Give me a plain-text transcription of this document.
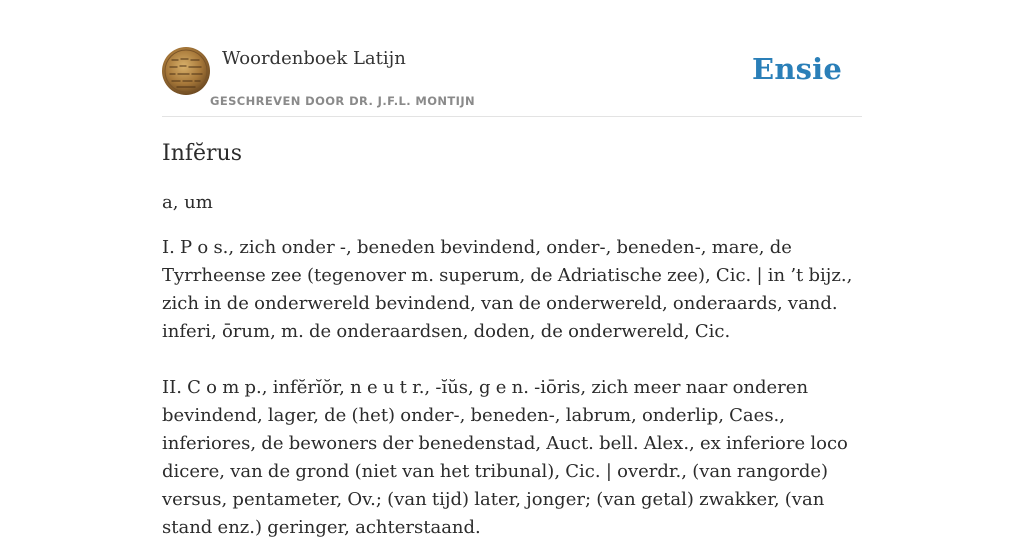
Woordenboek Latijn	Ensie
GESCHREVEN DOOR DR. J.F.L. MONTIJN
Infĕrus

a, um

I. P o s., zich onder -, beneden bevindend, onder-, beneden-, mare, de Tyrrheense zee (tegenover m. superum, de Adriatische zee), Cic. | in ’t bijz., zich in de onderwereld bevindend, van de onderwereld, onderaards, vand. inferi, ōrum, m. de onderaardsen, doden, de onderwereld, Cic.

II. C o m p., infĕrĭŏr, n e u t r., -ĭŭs, g e n. -iōris, zich meer naar onderen bevindend, lager, de (het) onder-, beneden-, labrum, onderlip, Caes., inferiores, de bewoners der benedenstad, Auct. bell. Alex., ex inferiore loco dicere, van de grond (niet van het tribunal), Cic. | overdr., (van rangorde) versus, pentameter, Ov.; (van tijd) later, jonger; (van getal) zwakker, (van stand enz.) geringer, achterstaand.
